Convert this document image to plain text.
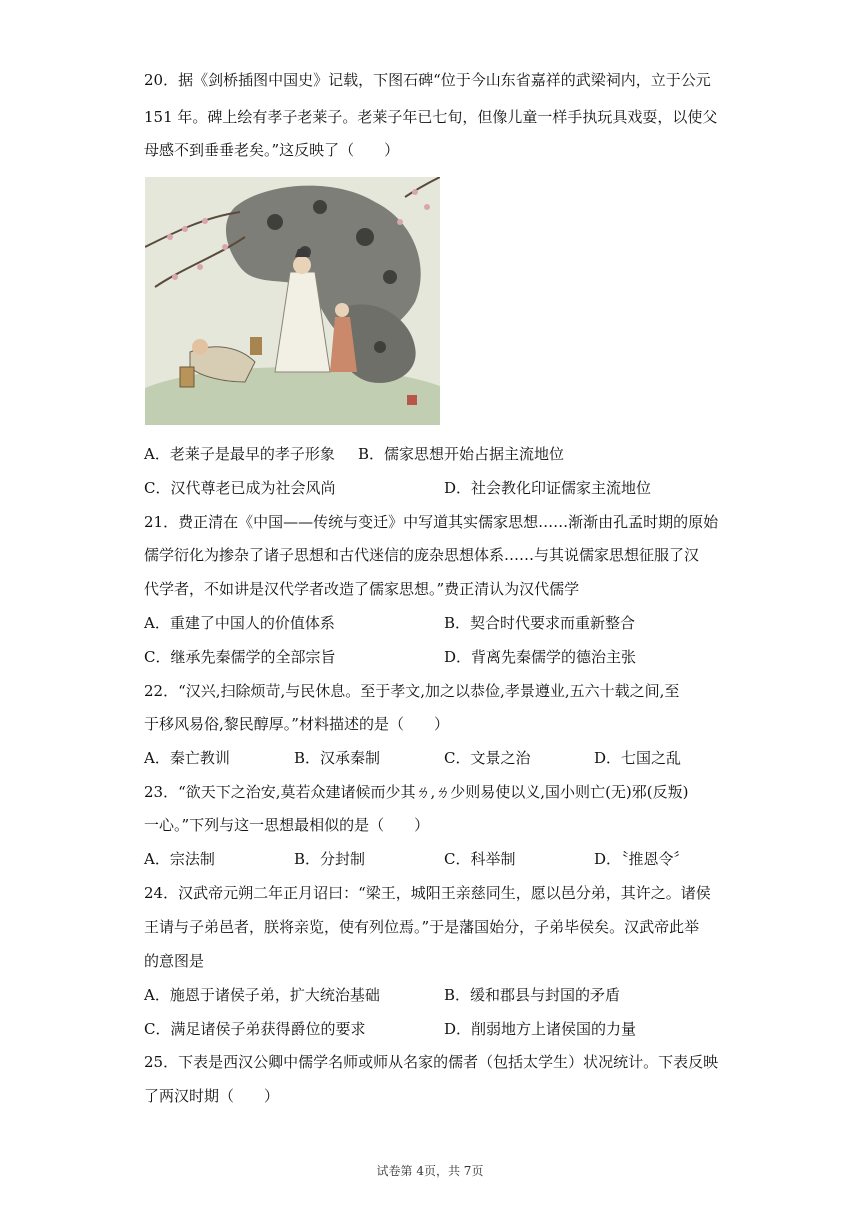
20．据《剑桥插图中国史》记载，下图石碑“位于今山东省嘉祥的武梁祠内，立于公元
151 年。碑上绘有孝子老莱子。老莱子年已七旬，但像儿童一样手执玩具戏耍，以使父
母感不到垂垂老矣。”这反映了（　　）
A．老莱子是最早的孝子形象 B．儒家思想开始占据主流地位
C．汉代尊老已成为社会风尚	D．社会教化印证儒家主流地位
21．费正清在《中国——传统与变迁》中写道其实儒家思想……渐渐由孔孟时期的原始
儒学衍化为掺杂了诸子思想和古代迷信的庞杂思想体系……与其说儒家思想征服了汉
代学者，不如讲是汉代学者改造了儒家思想。”费正清认为汉代儒学
A．重建了中国人的价值体系	B．契合时代要求而重新整合
C．继承先秦儒学的全部宗旨	D．背离先秦儒学的德治主张
22．“汉兴,扫除烦苛,与民休息。至于孝文,加之以恭俭,孝景遵业,五六十载之间,至
于移风易俗,黎民醇厚。”材料描述的是（　　）
A．秦亡教训	B．汉承秦制	C．文景之治	D．七国之乱
23．“欲天下之治安,莫若众建诸候而少其ㄌ,ㄌ少则易使以义,国小则亡(无)邪(反叛)
一心。”下列与这一思想最相似的是（　　）
A．宗法制	B．分封制	C．科举制	D．〝推恩令〞
24．汉武帝元朔二年正月诏曰：“梁王，城阳王亲慈同生，愿以邑分弟，其许之。诸侯
王请与子弟邑者，朕将亲览，使有列位焉。”于是藩国始分，子弟毕侯矣。汉武帝此举
的意图是
A．施恩于诸侯子弟，扩大统治基础	B．缓和郡县与封国的矛盾
C．满足诸侯子弟获得爵位的要求	D．削弱地方上诸侯国的力量
25．下表是西汉公卿中儒学名师或师从名家的儒者（包括太学生）状况统计。下表反映
了两汉时期（　　）
试卷第 4页，共 7页
